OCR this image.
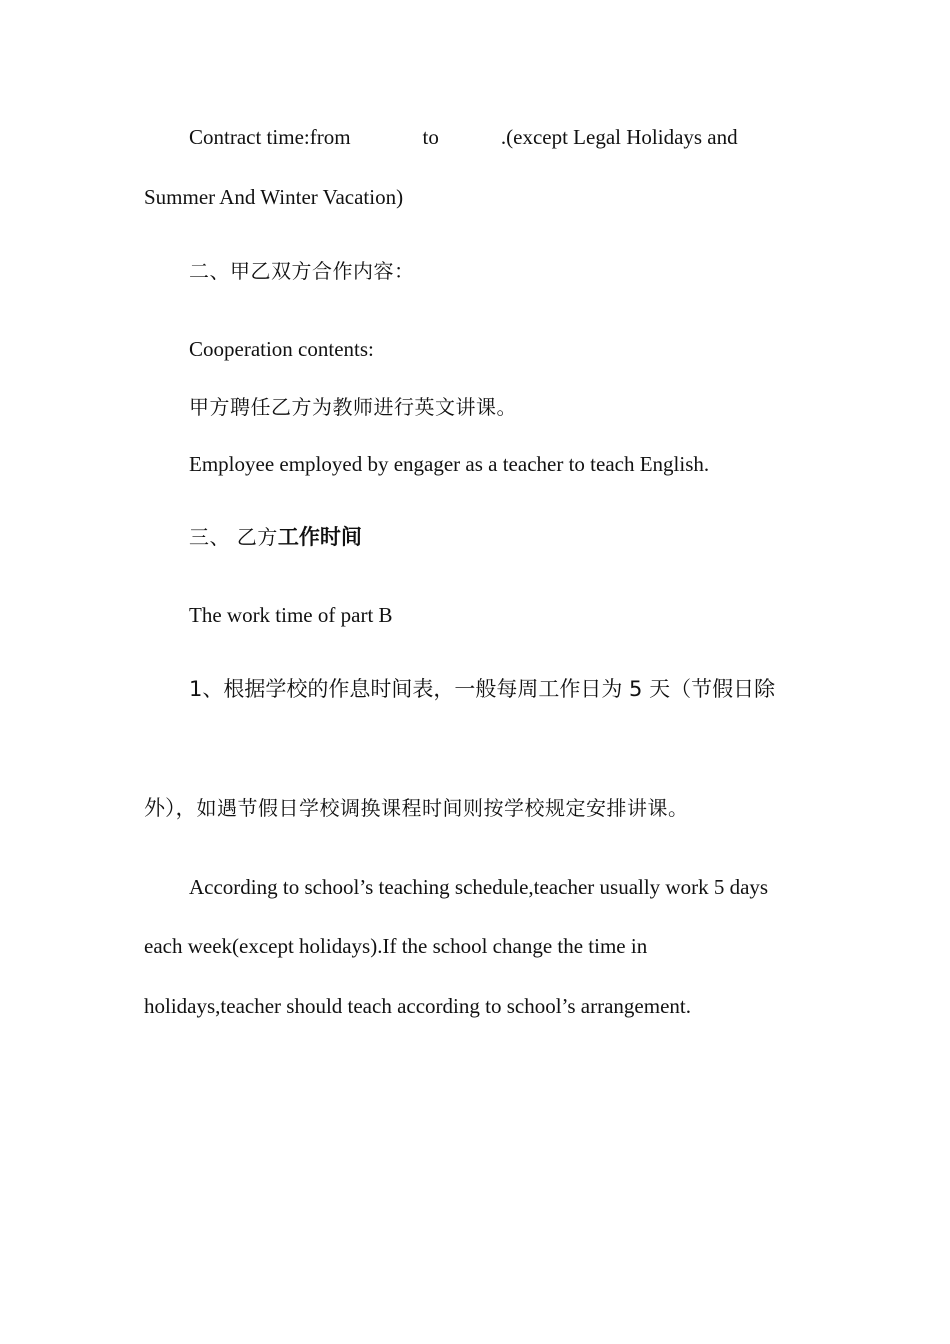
Contract time:from	to	.(except Legal Holidays and
Summer And Winter Vacation)
二、甲乙双方合作内容：
Cooperation contents:
甲方聘任乙方为教师进行英文讲课。
Employee employed by engager as a teacher to teach English.
三、 乙方工作时间
The work time of part B
1、根据学校的作息时间表，一般每周工作日为 5 天（节假日除
外），如遇节假日学校调换课程时间则按学校规定安排讲课。
According to school’s teaching schedule,teacher usually work 5 days
each week(except holidays).If the school change the time in
holidays,teacher should teach according to school’s arrangement.
